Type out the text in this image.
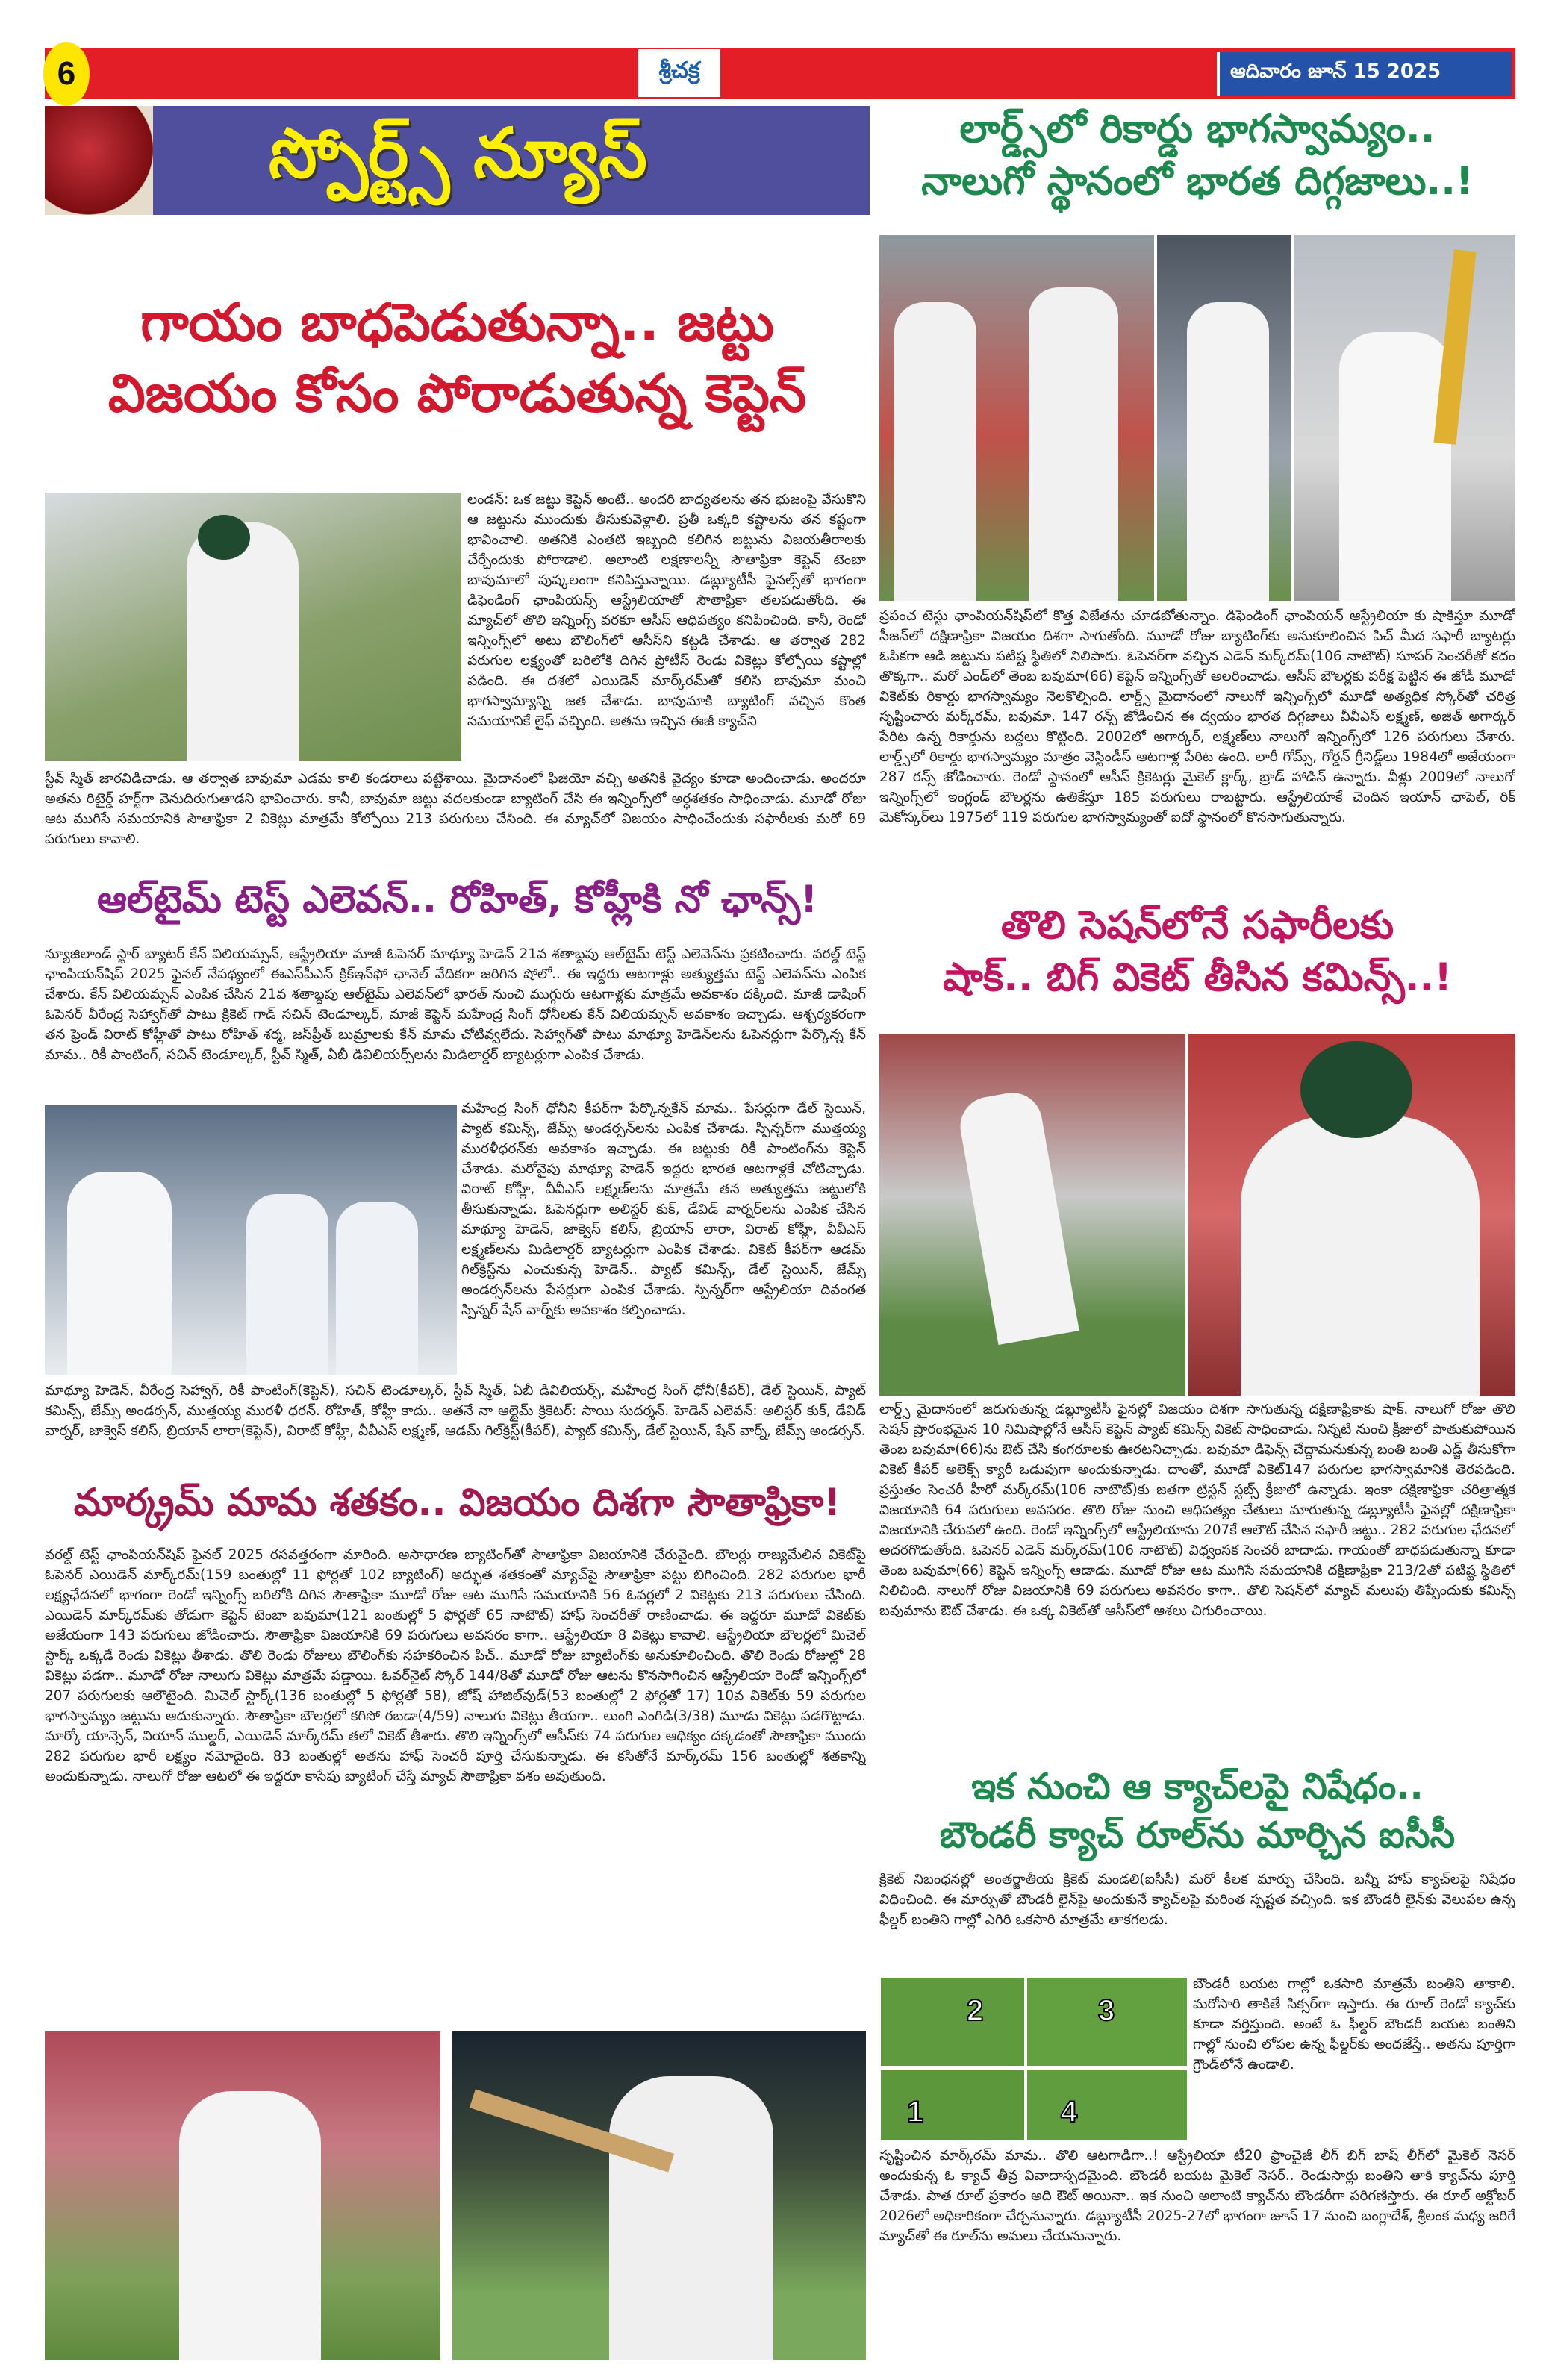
6	శ్రీచక్ర	ఆదివారం జూన్ 15 2025
స్పోర్ట్స్ న్యూస్
గాయం బాధపెడుతున్నా.. జట్టు
విజయం కోసం పోరాడుతున్న కెప్టెన్
లండన్: ఒక జట్టు కెప్టెన్ అంటే.. అందరి బాధ్యతలను తన భుజంపై వేసుకొని ఆ జట్టును ముందుకు తీసుకువెళ్లాలి. ప్రతీ ఒక్కరి కష్టాలను తన కష్టంగా భావించాలి. అతనికి ఎంతటి ఇబ్బంది కలిగిన జట్టును విజయతీరాలకు చేర్చేందుకు పోరాడాలి. అలాంటి లక్షణాలన్నీ సౌతాఫ్రికా కెప్టెన్ టెంబా బావుమాలో పుష్కలంగా కనిపిస్తున్నాయి. డబ్ల్యూటీసీ ఫైనల్స్‌తో భాగంగా డిఫెండింగ్ ఛాంపియన్స్ ఆస్ట్రేలియాతో సౌతాఫ్రికా తలపడుతోంది. ఈ మ్యాచ్‌లో తొలి ఇన్నింగ్స్ వరకూ ఆసీస్ ఆధిపత్యం కనిపించింది. కానీ, రెండో ఇన్నింగ్స్‌లో అటు బౌలింగ్‌లో ఆసీస్‌ని కట్టడి చేశాడు. ఆ తర్వాత 282 పరుగుల లక్ష్యంతో బరిలోకి దిగిన ప్రోటీస్ రెండు వికెట్లు కోల్పోయి కష్టాల్లో పడింది. ఈ దశలో ఎయిడెన్ మార్క్‌రమ్‌తో కలిసి బావుమా మంచి భాగస్వామ్యాన్ని జత చేశాడు. బావుమాకి బ్యాటింగ్ వచ్చిన కొంత సమయానికే లైఫ్ వచ్చింది. అతను ఇచ్చిన ఈజీ క్యాచ్‌ని
స్టీవ్ స్మిత్ జారవిడిచాడు. ఆ తర్వాత బావుమా ఎడమ కాలి కండరాలు పట్టేశాయి. మైదానంలో ఫిజియో వచ్చి అతనికి వైద్యం కూడా అందించాడు. అందరూ అతను రిటైర్డ్ హర్ట్‌గా వెనుదిరుగుతాడని భావించారు. కానీ, బావుమా జట్టు వదలకుండా బ్యాటింగ్ చేసి ఈ ఇన్నింగ్స్‌లో అర్ధశతకం సాధించాడు. మూడో రోజు ఆట ముగిసే సమయానికి సౌతాఫ్రికా 2 వికెట్లు మాత్రమే కోల్పోయి 213 పరుగులు చేసింది. ఈ మ్యాచ్‌లో విజయం సాధించేందుకు సఫారీలకు మరో 69 పరుగులు కావాలి.
ఆల్‌టైమ్ టెస్ట్ ఎలెవన్.. రోహిత్, కోహ్లీకి నో ఛాన్స్!
న్యూజిలాండ్ స్టార్ బ్యాటర్ కేన్ విలియమ్సన్, ఆస్ట్రేలియా మాజీ ఓపెనర్ మాథ్యూ హెడెన్ 21వ శతాబ్దపు ఆల్‌టైమ్ టెస్ట్ ఎలెవెన్‌ను ప్రకటించారు. వరల్డ్ టెస్ట్ ఛాంపియన్‌షిప్ 2025 ఫైనల్ నేపథ్యంలో ఈఎస్‌పీఎన్ క్రిక్‌ఇన్‌ఫో ఛానెల్ వేదికగా జరిగిన షోలో.. ఈ ఇద్దరు ఆటగాళ్లు అత్యుత్తమ టెస్ట్ ఎలెవన్‌ను ఎంపిక చేశారు. కేన్ విలియమ్సన్ ఎంపిక చేసిన 21వ శతాబ్దపు ఆల్‌టైమ్ ఎలెవన్‌లో భారత్ నుంచి ముగ్గురు ఆటగాళ్లకు మాత్రమే అవకాశం దక్కింది. మాజీ డాషింగ్ ఓపెనర్ వీరేంద్ర సెహ్వాగ్‌తో పాటు క్రికెట్ గాడ్ సచిన్ టెండూల్కర్, మాజీ కెప్టెన్ మహేంద్ర సింగ్ ధోనీలకు కేన్ విలియమ్సన్ అవకాశం ఇచ్చాడు. ఆశ్చర్యకరంగా తన ఫ్రెండ్ విరాట్ కోహ్లీతో పాటు రోహిత్ శర్మ, జస్‌ప్రీత్ బుమ్రాలకు కేన్ మామ చోటివ్వలేదు. సెహ్వాగ్‌తో పాటు మాథ్యూ హెడెన్‌లను ఓపెనర్లుగా పేర్కొన్న కేన్ మామ.. రికీ పాంటింగ్, సచిన్ టెండూల్కర్, స్టీవ్ స్మిత్, ఏబీ డివిలియర్స్‌లను మిడిలార్డర్ బ్యాటర్లుగా ఎంపిక చేశాడు.
మహేంద్ర సింగ్ ధోనీని కీపర్‌గా పేర్కొన్నకేన్ మామ.. పేసర్లుగా డేల్ స్టెయిన్, ప్యాట్ కమిన్స్, జేమ్స్ అండర్సన్‌లను ఎంపిక చేశాడు. స్పిన్నర్‌గా ముత్తయ్య మురళీధరన్‌కు అవకాశం ఇచ్చాడు. ఈ జట్టుకు రికీ పాంటింగ్‌ను కెప్టెన్ చేశాడు. మరోవైపు మాథ్యూ హెడెన్ ఇద్దరు భారత ఆటగాళ్లకే చోటిచ్చాడు. విరాట్ కోహ్లీ, వీవీఎస్ లక్ష్మణ్‌లను మాత్రమే తన అత్యుత్తమ జట్టులోకి తీసుకున్నాడు. ఓపెనర్లుగా అలిస్టర్ కుక్, డేవిడ్ వార్నర్‌లను ఎంపిక చేసిన మాథ్యూ హెడెన్, జాక్వెస్ కలిస్, బ్రియాన్ లారా, విరాట్ కోహ్లీ, వీవీఎస్ లక్ష్మణ్‌లను మిడిలార్డర్ బ్యాటర్లుగా ఎంపిక చేశాడు. వికెట్ కీపర్‌గా ఆడమ్ గిల్‌క్రిస్ట్‌ను ఎంచుకున్న హెడెన్.. ప్యాట్ కమిన్స్, డేల్ స్టెయిన్, జేమ్స్ అండర్సన్‌లను పేసర్లుగా ఎంపిక చేశాడు. స్పిన్నర్‌గా ఆస్ట్రేలియా దివంగత స్పిన్నర్ షేన్ వార్న్‌కు అవకాశం కల్పించాడు.
మాథ్యూ హెడెన్, వీరేంద్ర సెహ్వాగ్, రికీ పాంటింగ్(కెప్టెన్), సచిన్ టెండూల్కర్, స్టీవ్ స్మిత్, ఏబీ డివిలియర్స్, మహేంద్ర సింగ్ ధోనీ(కీపర్), డేల్ స్టెయిన్, ప్యాట్ కమిన్స్, జేమ్స్ అండర్సన్, ముత్తయ్య మురళీ ధరన్. రోహిత్, కోహ్లీ కాదు.. అతనే నా ఆల్టైమ్ క్రికెటర్: సాయి సుదర్శన్. హెడెన్ ఎలెవన్: అలిస్టర్ కుక్, డేవిడ్ వార్నర్, జాక్వెస్ కలిస్, బ్రియాన్ లారా(కెప్టెన్), విరాట్ కోహ్లీ, వీవీఎస్ లక్ష్మణ్, ఆడమ్ గిల్‌క్రిస్ట్(కీపర్), ప్యాట్ కమిన్స్, డేల్ స్టెయిన్, షేన్ వార్న్, జేమ్స్ అండర్సన్.
మార్క్రమ్ మామ శతకం.. విజయం దిశగా సౌతాఫ్రికా!
వరల్డ్ టెస్ట్ ఛాంపియన్‌షిప్ ఫైనల్ 2025 రసవత్తరంగా మారింది. అసాధారణ బ్యాటింగ్‌తో సౌతాఫ్రికా విజయానికి చేరువైంది. బౌలర్లు రాజ్యమేలిన వికెట్‌పై ఓపెనర్ ఎయిడెన్ మార్క్‌రమ్(159 బంతుల్లో 11 ఫోర్లతో 102 బ్యాటింగ్) అద్భుత శతకంతో మ్యాచ్‌పై సౌతాఫ్రికా పట్టు బిగించింది. 282 పరుగుల భారీ లక్ష్యఛేదనలో భాగంగా రెండో ఇన్నింగ్స్ బరిలోకి దిగిన సౌతాఫ్రికా మూడో రోజు ఆట ముగిసే సమయానికి 56 ఓవర్లలో 2 వికెట్లకు 213 పరుగులు చేసింది. ఎయిడెన్ మార్క్‌రమ్‌కు తోడుగా కెప్టెన్ టెంబా బవుమా(121 బంతుల్లో 5 ఫోర్లతో 65 నాటౌట్) హాఫ్ సెంచరీతో రాణించాడు. ఈ ఇద్దరూ మూడో వికెట్‌కు అజేయంగా 143 పరుగులు జోడించారు. సౌతాఫ్రికా విజయానికి 69 పరుగులు అవసరం కాగా.. ఆస్ట్రేలియా 8 వికెట్లు కావాలి. ఆస్ట్రేలియా బౌలర్లలో మిచెల్ స్టార్క్ ఒక్కడే రెండు వికెట్లు తీశాడు. తొలి రెండు రోజులు బౌలింగ్‌కు సహకరించిన పిచ్.. మూడో రోజు బ్యాటింగ్‌కు అనుకూలించింది. తొలి రెండు రోజుల్లో 28 వికెట్లు పడగా.. మూడో రోజు నాలుగు వికెట్లు మాత్రమే పడ్డాయి. ఓవర్‌నైట్ స్కోర్ 144/8తో మూడో రోజు ఆటను కొనసాగించిన ఆస్ట్రేలియా రెండో ఇన్నింగ్స్‌లో 207 పరుగులకు ఆలౌటైంది. మిచెల్ స్టార్క్(136 బంతుల్లో 5 ఫోర్లతో 58), జోష్ హాజిల్‌వుడ్(53 బంతుల్లో 2 ఫోర్లతో 17) 10వ వికెట్‌కు 59 పరుగుల భాగస్వామ్యం జట్టును ఆదుకున్నారు. సౌతాఫ్రికా బౌలర్లలో కగిసో రబడా(4/59) నాలుగు వికెట్లు తీయగా.. లుంగి ఎంగిడి(3/38) మూడు వికెట్లు పడగొట్టాడు. మార్కో యాన్సెన్, వియాన్ ముల్డర్, ఎయిడెన్ మార్క్‌రమ్ తలో వికెట్ తీశారు. తొలి ఇన్నింగ్స్‌లో ఆసీస్‌కు 74 పరుగుల ఆధిక్యం దక్కడంతో సౌతాఫ్రికా ముందు 282 పరుగుల భారీ లక్ష్యం నమోదైంది. 83 బంతుల్లో అతను హాఫ్ సెంచరీ పూర్తి చేసుకున్నాడు. ఈ కసితోనే మార్క్‌రమ్ 156 బంతుల్లో శతకాన్ని అందుకున్నాడు. నాలుగో రోజు ఆటలో ఈ ఇద్దరూ కాసేపు బ్యాటింగ్ చేస్తే మ్యాచ్ సౌతాఫ్రికా వశం అవుతుంది.
లార్డ్స్‌లో రికార్డు భాగస్వామ్యం..
నాలుగో స్థానంలో భారత దిగ్గజాలు..!
ప్రపంచ టెస్టు ఛాంపియన్‌షిప్‌లో కొత్త విజేతను చూడబోతున్నాం. డిఫెండింగ్ ఛాంపియన్ ఆస్ట్రేలియా కు షాకిస్తూ మూడో సీజన్‌లో దక్షిణాఫ్రికా విజయం దిశగా సాగుతోంది. మూడో రోజు బ్యాటింగ్‌కు అనుకూలించిన పిచ్ మీద సఫారీ బ్యాటర్లు ఓపికగా ఆడి జట్టును పటిష్ట స్థితిలో నిలిపారు. ఓపెనర్‌గా వచ్చిన ఎడెన్ మర్క్‌రమ్(106 నాటౌట్) సూపర్ సెంచరీతో కదం తొక్కగా.. మరో ఎండ్‌లో తెంబ బవుమా(66) కెప్టెన్ ఇన్నింగ్స్‌తో అలరించాడు. ఆసీస్ బౌలర్లకు పరీక్ష పెట్టిన ఈ జోడీ మూడో వికెట్‌కు రికార్డు భాగస్వామ్యం నెలకొల్పింది. లార్డ్స్ మైదానంలో నాలుగో ఇన్నింగ్స్‌లో మూడో అత్యధిక స్కోర్‌తో చరిత్ర సృష్టించారు మర్క్‌రమ్, బవుమా. 147 రన్స్ జోడించిన ఈ ద్వయం భారత దిగ్గజాలు వీవీఎస్ లక్ష్మణ్, అజిత్ అగార్కర్ పేరిట ఉన్న రికార్డును బద్దలు కొట్టింది. 2002లో అగార్కర్, లక్ష్మణ్‌లు నాలుగో ఇన్నింగ్స్‌లో 126 పరుగులు చేశారు. లార్డ్స్‌లో రికార్డు భాగస్వామ్యం మాత్రం వెస్టిండీస్ ఆటగాళ్ల పేరిట ఉంది. లారీ గోమ్స్, గోర్డన్ గ్రీనిడ్జ్‌లు 1984లో అజేయంగా 287 రన్స్ జోడించారు. రెండో స్థానంలో ఆసీస్ క్రికెటర్లు మైకెల్ క్లార్క్, బ్రాడ్ హాడిన్ ఉన్నారు. వీళ్లు 2009లో నాలుగో ఇన్నింగ్స్‌లో ఇంగ్లండ్ బౌలర్లను ఉతికేస్తూ 185 పరుగులు రాబట్టారు. ఆస్ట్రేలియాకే చెందిన ఇయాన్ ఛాపెల్, రిక్ మెకోస్కర్‌లు 1975లో 119 పరుగుల భాగస్వామ్యంతో ఐదో స్థానంలో కొనసాగుతున్నారు.
తొలి సెషన్‌లోనే సఫారీలకు
షాక్.. బిగ్ వికెట్ తీసిన కమిన్స్..!
లార్డ్స్ మైదానంలో జరుగుతున్న డబ్ల్యూటీసీ ఫైనల్లో విజయం దిశగా సాగుతున్న దక్షిణాఫ్రికాకు షాక్. నాలుగో రోజు తొలి సెషన్ ప్రారంభమైన 10 నిమిషాల్లోనే ఆసీస్ కెప్టెన్ ప్యాట్ కమిన్స్ వికెట్ సాధించాడు. నిన్నటి నుంచి క్రీజులో పాతుకుపోయిన తెంబ బవుమా(66)ను ఔట్ చేసి కంగరూలకు ఊరటనిచ్చాడు. బవుమా డిఫెన్స్ చేద్దామనుకున్న బంతి బంతి ఎడ్జ్ తీసుకోగా వికెట్ కీపర్ అలెక్స్ క్యారీ ఒడుపుగా అందుకున్నాడు. దాంతో, మూడో వికెట్147 పరుగుల భాగస్వామానికి తెరపడింది. ప్రస్తుతం సెంచరీ హీరో మర్క్‌రమ్(106 నాటౌట్)కు జతగా ట్రిస్టన్ స్టబ్స్ క్రీజులో ఉన్నాడు. ఇంకా దక్షిణాఫ్రికా చరిత్రాత్మక విజయానికి 64 పరుగులు అవసరం. తొలి రోజు నుంచి ఆధిపత్యం చేతులు మారుతున్న డబ్ల్యూటీసీ ఫైనల్లో దక్షిణాఫ్రికా విజయానికి చేరువలో ఉంది. రెండో ఇన్నింగ్స్‌లో ఆస్ట్రేలియాను 207కే ఆలౌట్ చేసిన సఫారీ జట్టు.. 282 పరుగుల ఛేదనలో అదరగొడుతోంది. ఓపెనర్ ఎడెన్ మర్క్‌రమ్(106 నాటౌట్) విధ్వంసక సెంచరీ బాదాడు. గాయంతో బాధపడుతున్నా కూడా తెంబ బవుమా(66) కెప్టెన్ ఇన్నింగ్స్ ఆడాడు. మూడో రోజు ఆట ముగిసే సమయానికి దక్షిణాఫ్రికా 213/2తో పటిష్ట స్థితిలో నిలిచింది. నాలుగో రోజు విజయానికి 69 పరుగులు అవసరం కాగా.. తొలి సెషన్‌లో మ్యాచ్ మలుపు తిప్పేందుకు కమిన్స్ బవుమాను ఔట్ చేశాడు. ఈ ఒక్క వికెట్‌తో ఆసీస్‌లో ఆశలు చిగురించాయి.
ఇక నుంచి ఆ క్యాచ్‌లపై నిషేధం..
బౌండరీ క్యాచ్ రూల్‌ను మార్చిన ఐసీసీ
క్రికెట్ నిబంధనల్లో అంతర్జాతీయ క్రికెట్ మండలి(ఐసీసీ) మరో కీలక మార్పు చేసింది. బన్నీ హాప్ క్యాచ్‌లపై నిషేధం విధించింది. ఈ మార్పుతో బౌండరీ లైన్‌పై అందుకునే క్యాచ్‌లపై మరింత స్పష్టత వచ్చింది. ఇక బౌండరీ లైన్‌కు వెలుపల ఉన్న ఫీల్డర్ బంతిని గాల్లో ఎగిరి ఒకసారి మాత్రమే తాకగలడు.
2	3
1	4
బౌండరీ బయట గాల్లో ఒకసారి మాత్రమే బంతిని తాకాలి. మరోసారి తాకితే సిక్సర్‌గా ఇస్తారు. ఈ రూల్ రెండో క్యాచ్‌కు కూడా వర్తిస్తుంది. అంటే ఓ ఫీల్డర్ బౌండరీ బయట బంతిని గాల్లో నుంచి లోపల ఉన్న ఫీల్డర్‌కు అందజేస్తే.. అతను పూర్తిగా గ్రౌండ్‌లోనే ఉండాలి.
సృష్టించిన మార్క్‌రమ్ మామ.. తొలి ఆటగాడిగా..! ఆస్ట్రేలియా టీ20 ఫ్రాంచైజీ లీగ్ బిగ్ బాష్ లీగ్‌లో మైకెల్ నెసర్ అందుకున్న ఓ క్యాచ్ తీవ్ర వివాదాస్పదమైంది. బౌండరీ బయట మైకెల్ నెసర్.. రెండుసార్లు బంతిని తాకి క్యాచ్‌ను పూర్తి చేశాడు. పాత రూల్ ప్రకారం అది ఔట్ అయినా.. ఇక నుంచి అలాంటి క్యాచ్‌ను బౌండరీగా పరిగణిస్తారు. ఈ రూల్ అక్టోబర్ 2026లో అధికారికంగా చేర్చనున్నారు. డబ్ల్యూటీసీ 2025-27లో భాగంగా జూన్ 17 నుంచి బంగ్లాదేశ్, శ్రీలంక మధ్య జరిగే మ్యాచ్‌తో ఈ రూల్‌ను అమలు చేయనున్నారు.
